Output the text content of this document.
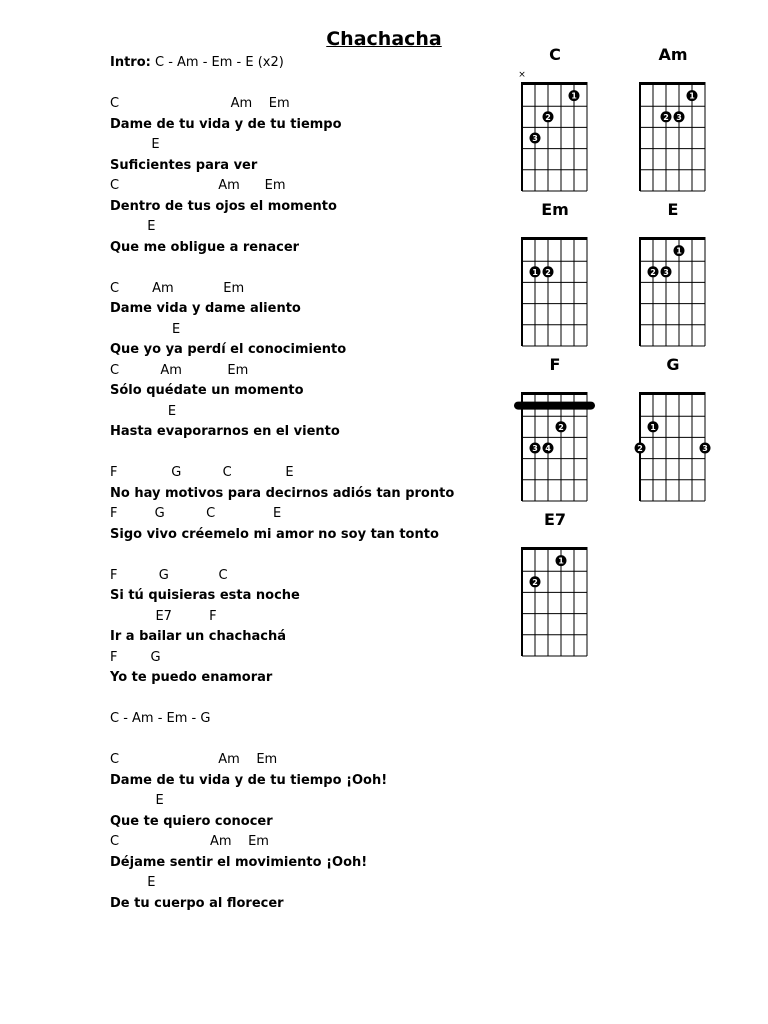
Chachacha
Intro: C - Am - Em - E (x2)
C                           Am    Em
Dame de tu vida y de tu tiempo
E
Suficientes para ver
C                        Am      Em
Dentro de tus ojos el momento
E
Que me obligue a renacer
C        Am            Em
Dame vida y dame aliento
E
Que yo ya perdí el conocimiento
C          Am           Em
Sólo quédate un momento
E
Hasta evaporarnos en el viento
F             G          C             E
No hay motivos para decirnos adiós tan pronto
F         G          C              E
Sigo vivo créemelo mi amor no soy tan tonto
F          G            C
Si tú quisieras esta noche
E7         F
Ir a bailar un chachachá
F        G
Yo te puedo enamorar
C - Am - Em - G
C                        Am    Em
Dame de tu vida y de tu tiempo ¡Ooh!
E
Que te quiero conocer
C                      Am    Em
Déjame sentir el movimiento ¡Ooh!
E
De tu cuerpo al florecer
C
×
1
2
3
Am
1
2 3
Em
1 2
E
1
2 3
F
2
3 4
G
1
2	3
E7
1
2
